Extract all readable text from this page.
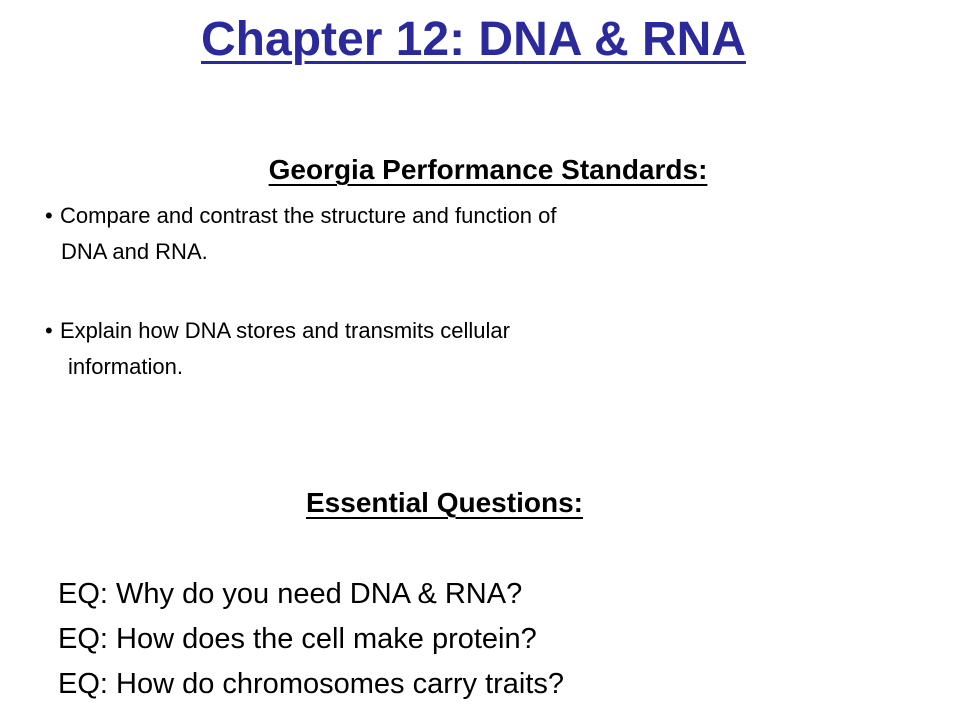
Chapter 12: DNA & RNA
Georgia Performance Standards:
• Compare and contrast the structure and function of
DNA and RNA.
• Explain how DNA stores and transmits cellular
information.
Essential Questions:
EQ: Why do you need DNA & RNA?
EQ: How does the cell make protein?
EQ: How do chromosomes carry traits?
